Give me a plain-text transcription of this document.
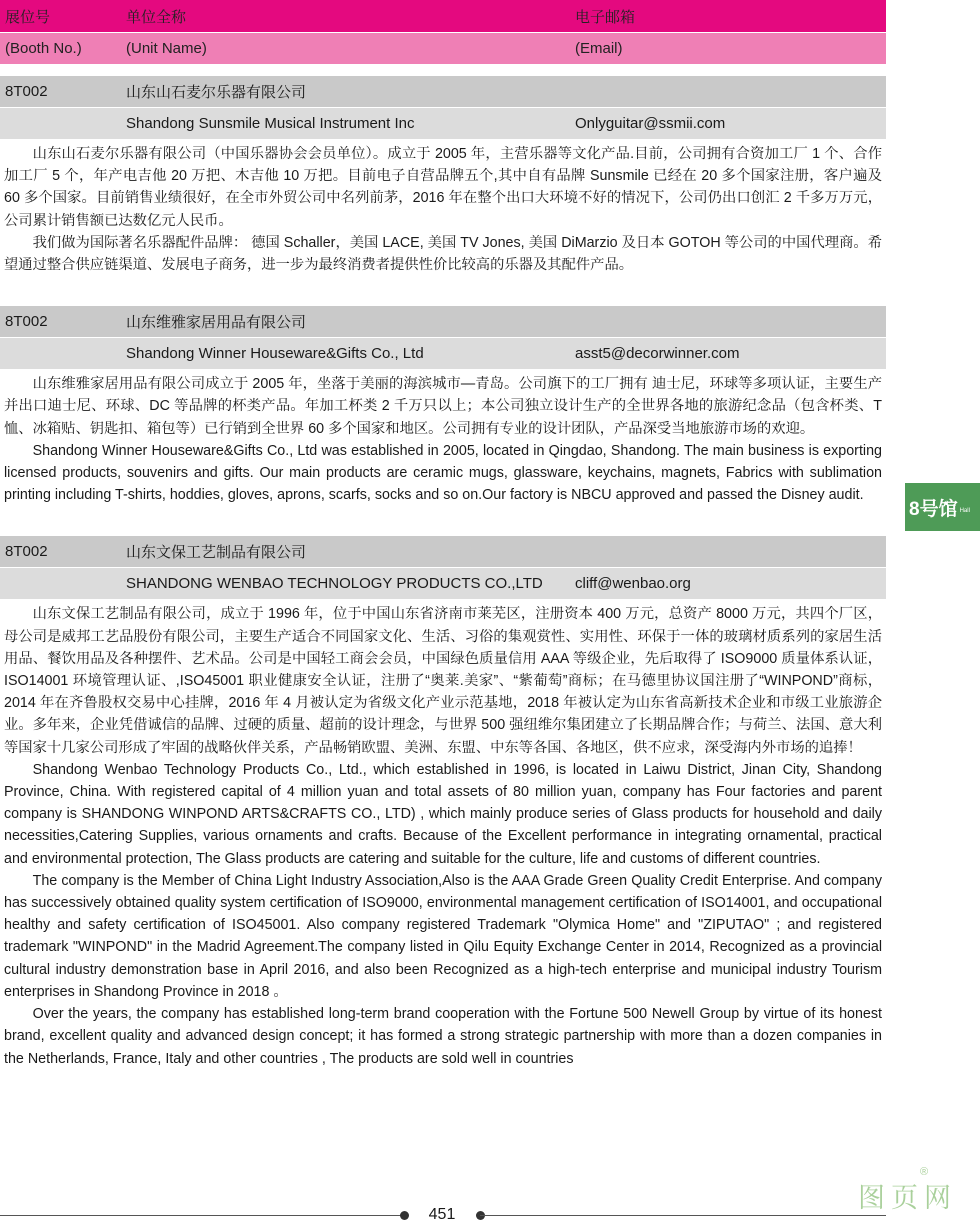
展位号	单位全称	电子邮箱
(Booth No.)	(Unit Name)	(Email)
8T002	山东山石麦尔乐器有限公司
Shandong Sunsmile Musical Instrument Inc	Onlyguitar@ssmii.com

山东山石麦尔乐器有限公司（中国乐器协会会员单位）。成立于 2005 年，主营乐器等文化产品.目前，公司拥有合资加工厂 1 个、合作加工厂 5 个，年产电吉他 20 万把、木吉他 10 万把。目前电子自营品牌五个,其中自有品牌 Sunsmile 已经在 20 多个国家注册，客户遍及 60 多个国家。目前销售业绩很好，在全市外贸公司中名列前茅，2016 年在整个出口大环境不好的情况下，公司仍出口创汇 2 千多万万元，公司累计销售额已达数亿元人民币。

我们做为国际著名乐器配件品牌： 德国 Schaller，美国 LACE, 美国 TV Jones, 美国 DiMarzio 及日本 GOTOH 等公司的中国代理商。希望通过整合供应链渠道、发展电子商务，进一步为最终消费者提供性价比较高的乐器及其配件产品。

8T002	山东维雅家居用品有限公司
Shandong Winner Houseware&Gifts Co., Ltd	asst5@decorwinner.com

山东维雅家居用品有限公司成立于 2005 年，坐落于美丽的海滨城市—青岛。公司旗下的工厂拥有 迪士尼，环球等多项认证，主要生产并出口迪士尼、环球、DC 等品牌的杯类产品。年加工杯类 2 千万只以上；本公司独立设计生产的全世界各地的旅游纪念品（包含杯类、T 恤、冰箱贴、钥匙扣、箱包等）已行销到全世界 60 多个国家和地区。公司拥有专业的设计团队，产品深受当地旅游市场的欢迎。

Shandong Winner Houseware&Gifts Co., Ltd was established in 2005, located in Qingdao, Shandong. The main business is exporting licensed products, souvenirs and gifts. Our main products are ceramic mugs, glassware, keychains, magnets, Fabrics with sublimation printing including T-shirts, hoddies, gloves, aprons, scarfs, socks and so on.Our factory is NBCU approved and passed the Disney audit.

8T002	山东文保工艺制品有限公司
SHANDONG WENBAO TECHNOLOGY PRODUCTS CO.,LTD	cliff@wenbao.org

山东文保工艺制品有限公司，成立于 1996 年，位于中国山东省济南市莱芜区，注册资本 400 万元，总资产 8000 万元，共四个厂区，母公司是威邦工艺品股份有限公司，主要生产适合不同国家文化、生活、习俗的集观赏性、实用性、环保于一体的玻璃材质系列的家居生活用品、餐饮用品及各种摆件、艺术品。公司是中国轻工商会会员，中国绿色质量信用 AAA 等级企业，先后取得了 ISO9000 质量体系认证，ISO14001 环境管理认证、,ISO45001 职业健康安全认证，注册了“奥莱.美家”、“紫葡萄”商标；在马德里协议国注册了“WINPOND”商标， 2014 年在齐鲁股权交易中心挂牌，2016 年 4 月被认定为省级文化产业示范基地，2018 年被认定为山东省高新技术企业和市级工业旅游企业。多年来，企业凭借诚信的品牌、过硬的质量、超前的设计理念，与世界 500 强纽维尔集团建立了长期品牌合作；与荷兰、法国、意大利等国家十几家公司形成了牢固的战略伙伴关系，产品畅销欧盟、美洲、东盟、中东等各国、各地区，供不应求，深受海内外市场的追捧！

Shandong Wenbao Technology Products Co., Ltd., which established in 1996, is located in Laiwu District, Jinan City, Shandong Province, China. With registered capital of 4 million yuan and total assets of 80 million yuan, company has Four factories and parent company is SHANDONG WINPOND ARTS&CRAFTS CO., LTD) , which mainly produce series of Glass products for household and daily necessities,Catering Supplies, various ornaments and crafts. Because of the Excellent performance in integrating ornamental, practical and environmental protection, The Glass products are catering and suitable for the culture, life and customs of different countries.

The company is the Member of China Light Industry Association,Also is the AAA Grade Green Quality Credit Enterprise. And company has successively obtained quality system certification of ISO9000, environmental management certification of ISO14001, and occupational healthy and safety certification of ISO45001. Also company registered Trademark "Olymica Home" and "ZIPUTAO" ; and registered trademark "WINPOND" in the Madrid Agreement.The company listed in Qilu Equity Exchange Center in 2014, Recognized as a provincial cultural industry demonstration base in April 2016, and also been Recognized as a high-tech enterprise and municipal industry Tourism enterprises in Shandong Province in 2018 。

Over the years, the company has established long-term brand cooperation with the Fortune 500 Newell Group by virtue of its honest brand, excellent quality and advanced design concept; it has formed a strong strategic partnership with more than a dozen companies in the Netherlands, France, Italy and other countries , The products are sold well in countries

8号馆 Hall
451
图页网
®
